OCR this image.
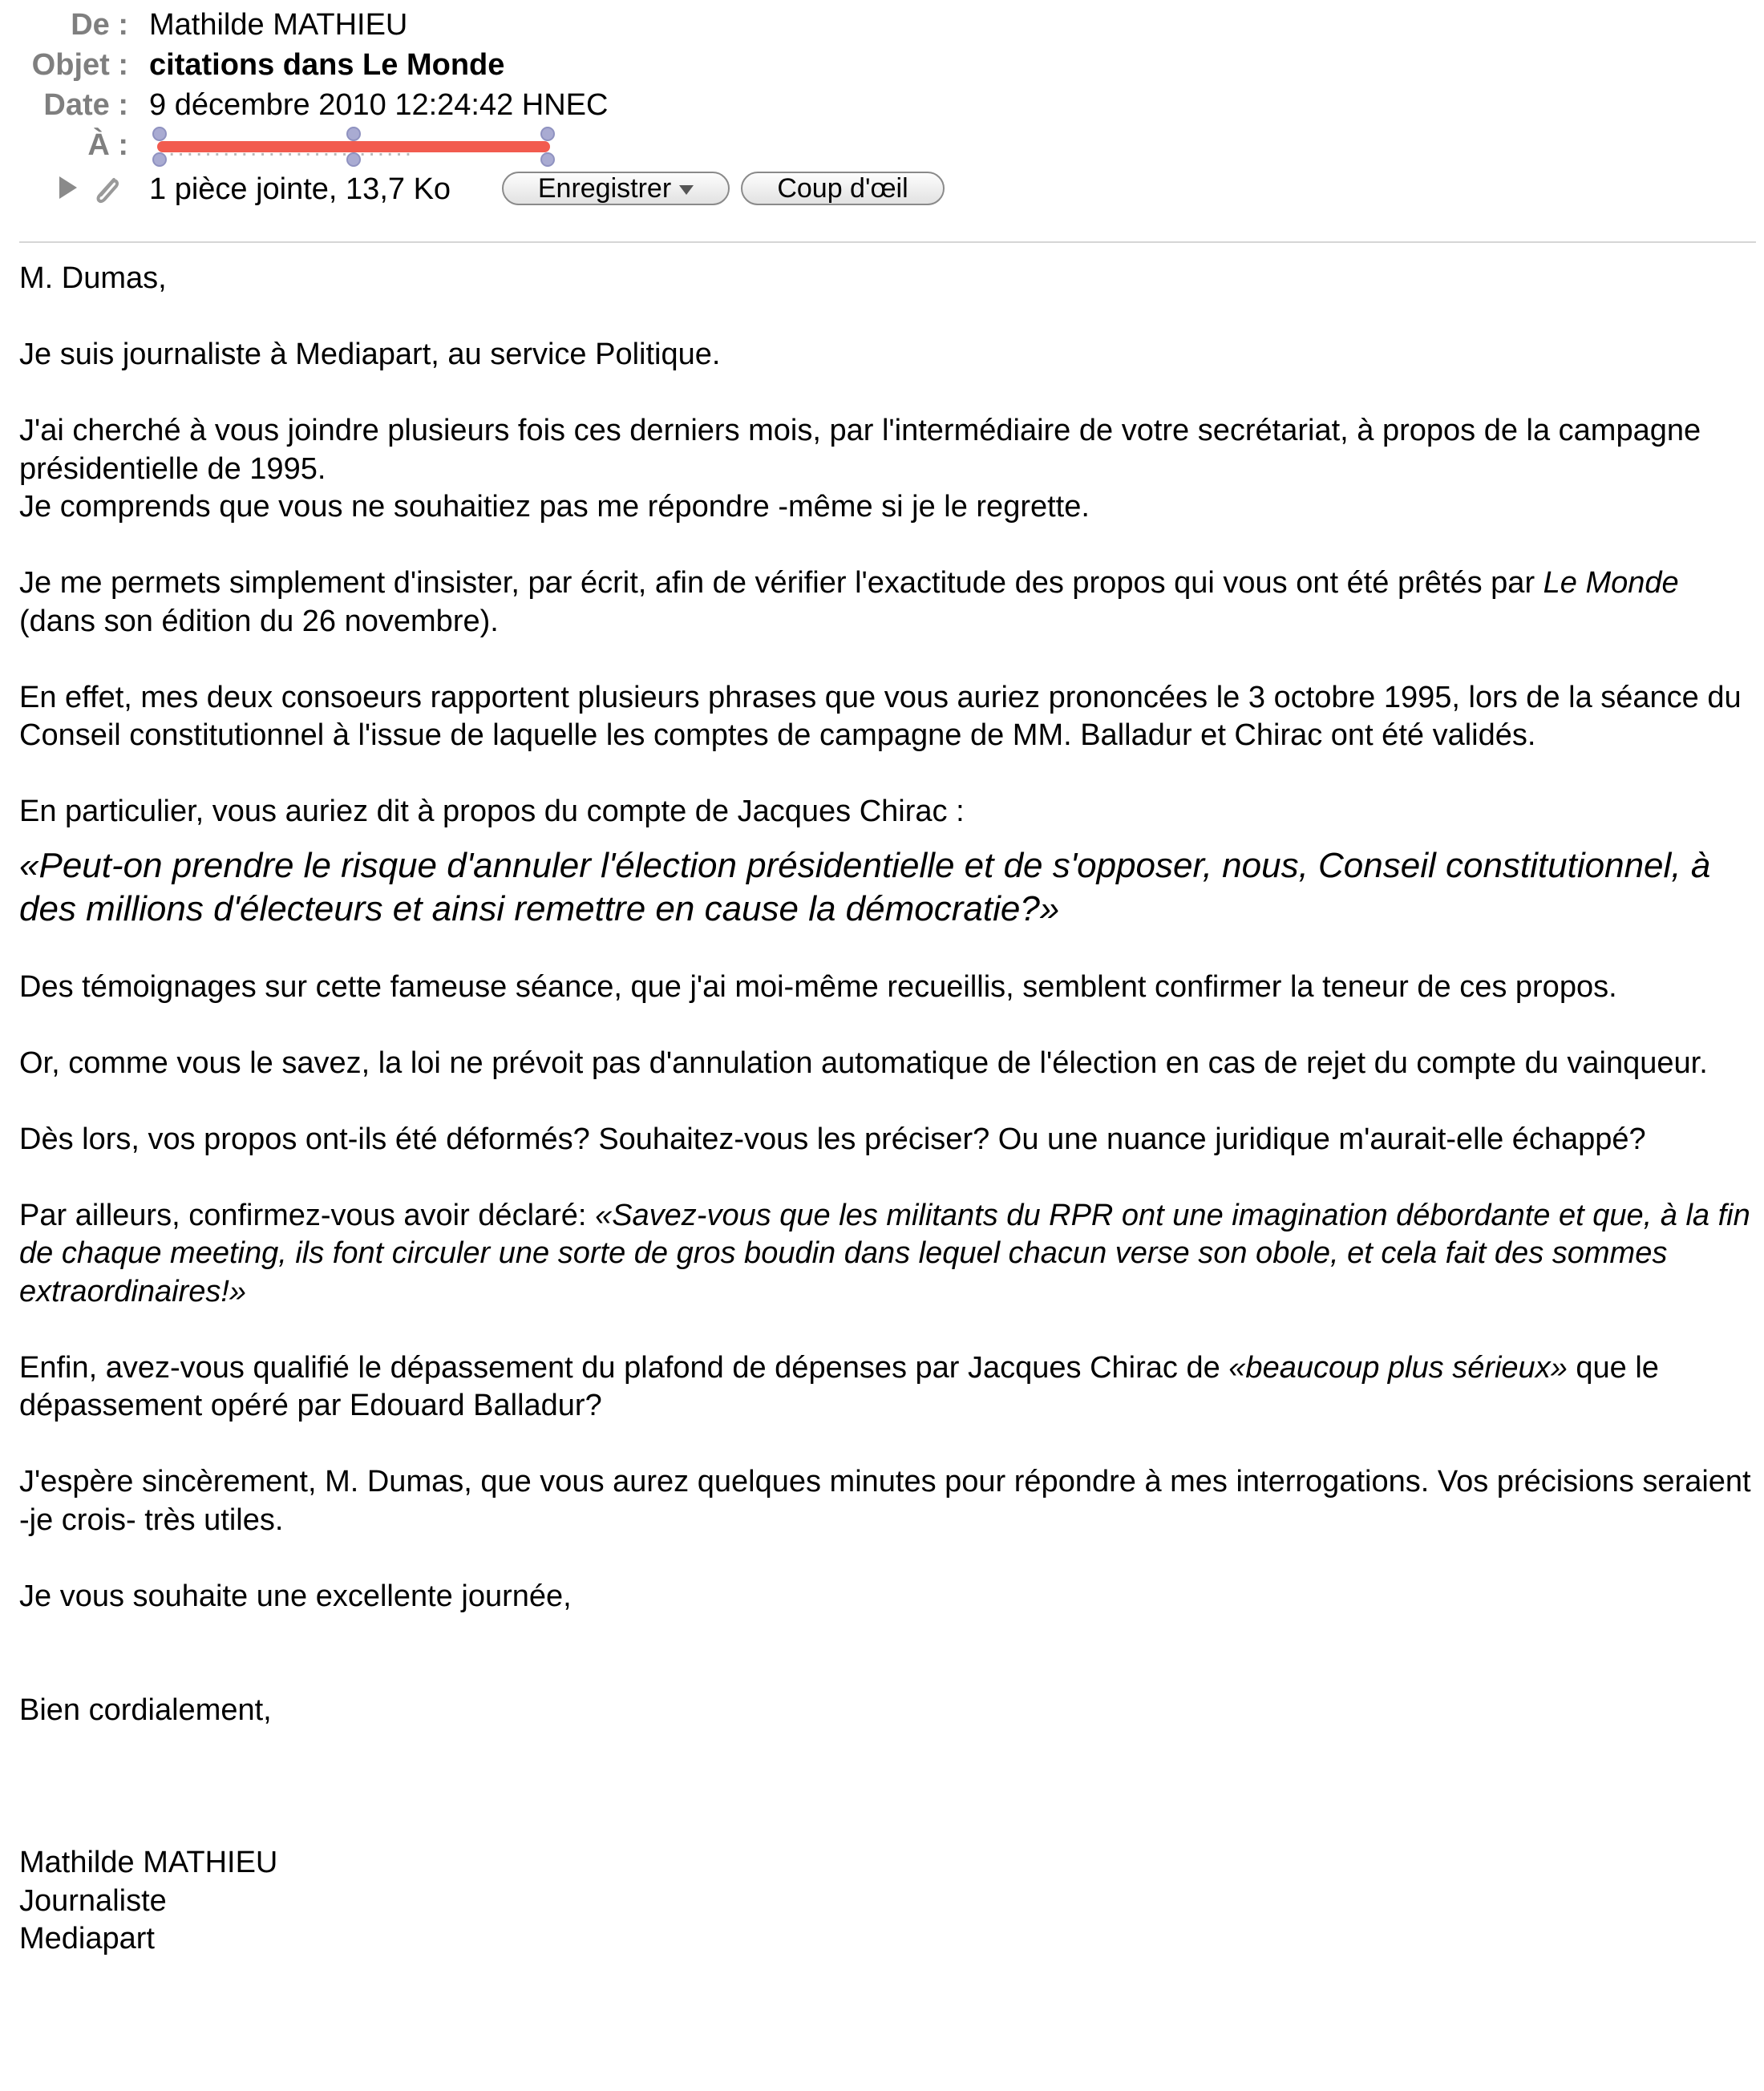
De : Mathilde MATHIEU
Objet : citations dans Le Monde
Date : 9 décembre 2010 12:24:42 HNEC
À :
1 pièce jointe, 13,7 Ko	Enregistrer	Coup d'œil

M. Dumas,

Je suis journaliste à Mediapart, au service Politique.

J'ai cherché à vous joindre plusieurs fois ces derniers mois, par l'intermédiaire de votre secrétariat, à propos de la campagne présidentielle de 1995.
Je comprends que vous ne souhaitiez pas me répondre -même si je le regrette.

Je me permets simplement d'insister, par écrit, afin de vérifier l'exactitude des propos qui vous ont été prêtés par Le Monde (dans son édition du 26 novembre).

En effet, mes deux consoeurs rapportent plusieurs phrases que vous auriez prononcées le 3 octobre 1995, lors de la séance du Conseil constitutionnel à l'issue de laquelle les comptes de campagne de MM. Balladur et Chirac ont été validés.

En particulier, vous auriez dit à propos du compte de Jacques Chirac :

«Peut-on prendre le risque d'annuler l'élection présidentielle et de s'opposer, nous, Conseil constitutionnel, à des millions d'électeurs et ainsi remettre en cause la démocratie?»

Des témoignages sur cette fameuse séance, que j'ai moi-même recueillis, semblent confirmer la teneur de ces propos.

Or, comme vous le savez, la loi ne prévoit pas d'annulation automatique de l'élection en cas de rejet du compte du vainqueur.

Dès lors, vos propos ont-ils été déformés? Souhaitez-vous les préciser? Ou une nuance juridique m'aurait-elle échappé?

Par ailleurs, confirmez-vous avoir déclaré: «Savez-vous que les militants du RPR ont une imagination débordante et que, à la fin de chaque meeting, ils font circuler une sorte de gros boudin dans lequel chacun verse son obole, et cela fait des sommes extraordinaires!»

Enfin, avez-vous qualifié le dépassement du plafond de dépenses par Jacques Chirac de «beaucoup plus sérieux» que le dépassement opéré par Edouard Balladur?

J'espère sincèrement, M. Dumas, que vous aurez quelques minutes pour répondre à mes interrogations. Vos précisions seraient -je crois- très utiles.

Je vous souhaite une excellente journée,

Bien cordialement,

Mathilde MATHIEU
Journaliste
Mediapart
